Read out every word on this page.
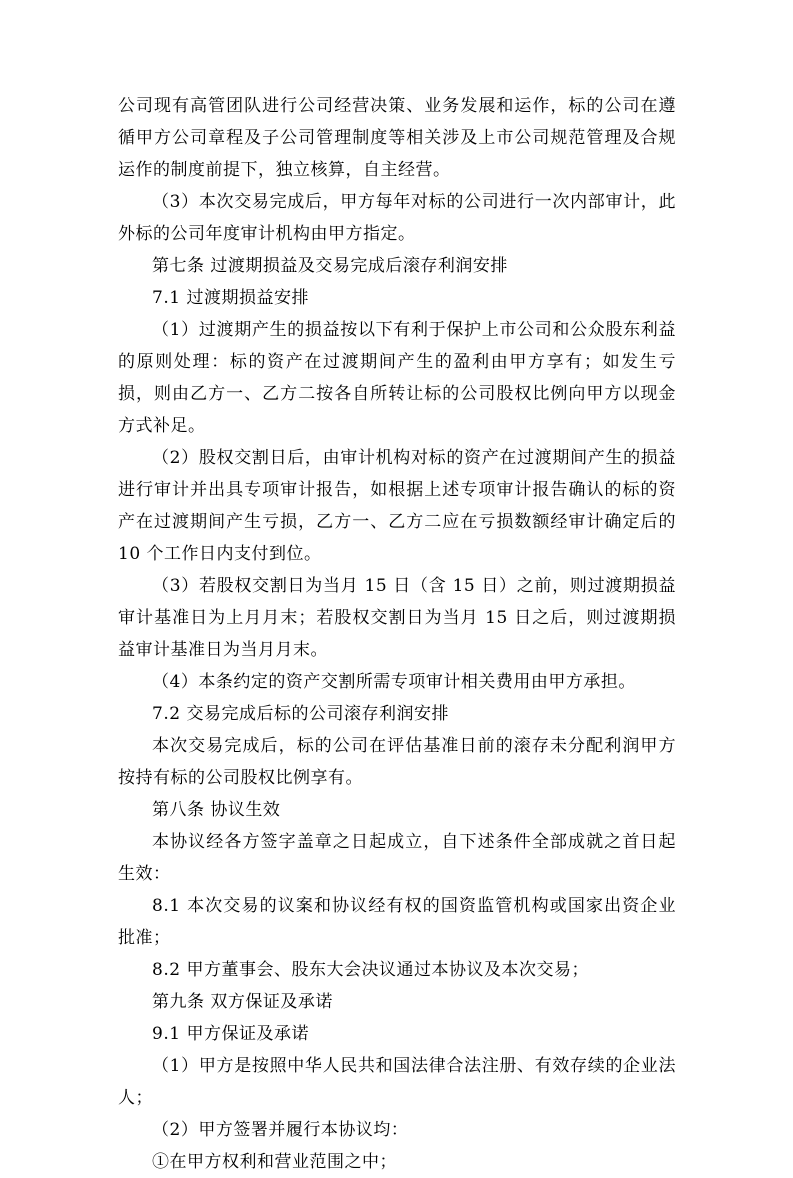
公司现有高管团队进行公司经营决策、业务发展和运作，标的公司在遵循甲方公司章程及子公司管理制度等相关涉及上市公司规范管理及合规运作的制度前提下，独立核算，自主经营。

（3）本次交易完成后，甲方每年对标的公司进行一次内部审计，此外标的公司年度审计机构由甲方指定。

第七条 过渡期损益及交易完成后滚存利润安排

7.1 过渡期损益安排

（1）过渡期产生的损益按以下有利于保护上市公司和公众股东利益的原则处理：标的资产在过渡期间产生的盈利由甲方享有；如发生亏损，则由乙方一、乙方二按各自所转让标的公司股权比例向甲方以现金方式补足。

（2）股权交割日后，由审计机构对标的资产在过渡期间产生的损益进行审计并出具专项审计报告，如根据上述专项审计报告确认的标的资产在过渡期间产生亏损，乙方一、乙方二应在亏损数额经审计确定后的 10 个工作日内支付到位。

（3）若股权交割日为当月 15 日（含 15 日）之前，则过渡期损益审计基准日为上月月末；若股权交割日为当月 15 日之后，则过渡期损益审计基准日为当月月末。

（4）本条约定的资产交割所需专项审计相关费用由甲方承担。

7.2 交易完成后标的公司滚存利润安排

本次交易完成后，标的公司在评估基准日前的滚存未分配利润甲方按持有标的公司股权比例享有。

第八条 协议生效

本协议经各方签字盖章之日起成立，自下述条件全部成就之首日起生效：

8.1 本次交易的议案和协议经有权的国资监管机构或国家出资企业批准；

8.2 甲方董事会、股东大会决议通过本协议及本次交易；

第九条 双方保证及承诺

9.1 甲方保证及承诺

（1）甲方是按照中华人民共和国法律合法注册、有效存续的企业法人；

（2）甲方签署并履行本协议均：

①在甲方权利和营业范围之中；
